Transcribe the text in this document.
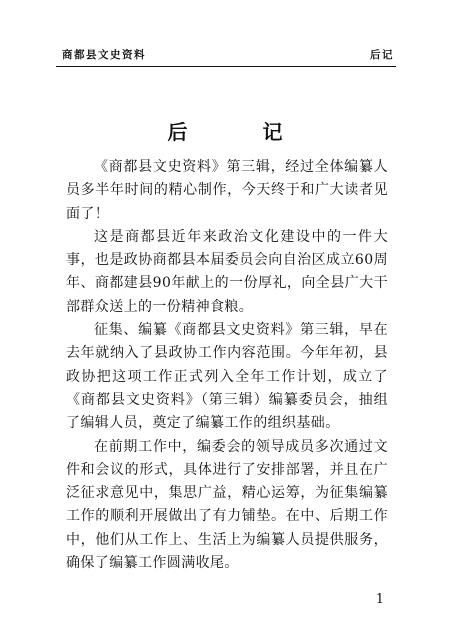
商都县文史资料	后记
后 记

《商都县文史资料》第三辑，经过全体编纂人员多半年时间的精心制作，今天终于和广大读者见面了！

这是商都县近年来政治文化建设中的一件大事，也是政协商都县本届委员会向自治区成立60周年、商都建县90年献上的一份厚礼，向全县广大干部群众送上的一份精神食粮。

征集、编纂《商都县文史资料》第三辑，早在去年就纳入了县政协工作内容范围。今年年初，县政协把这项工作正式列入全年工作计划，成立了《商都县文史资料》（第三辑）编纂委员会，抽组了编辑人员，奠定了编纂工作的组织基础。

在前期工作中，编委会的领导成员多次通过文件和会议的形式，具体进行了安排部署，并且在广泛征求意见中，集思广益，精心运筹，为征集编纂工作的顺利开展做出了有力铺垫。在中、后期工作中，他们从工作上、生活上为编纂人员提供服务，确保了编纂工作圆满收尾。

1
